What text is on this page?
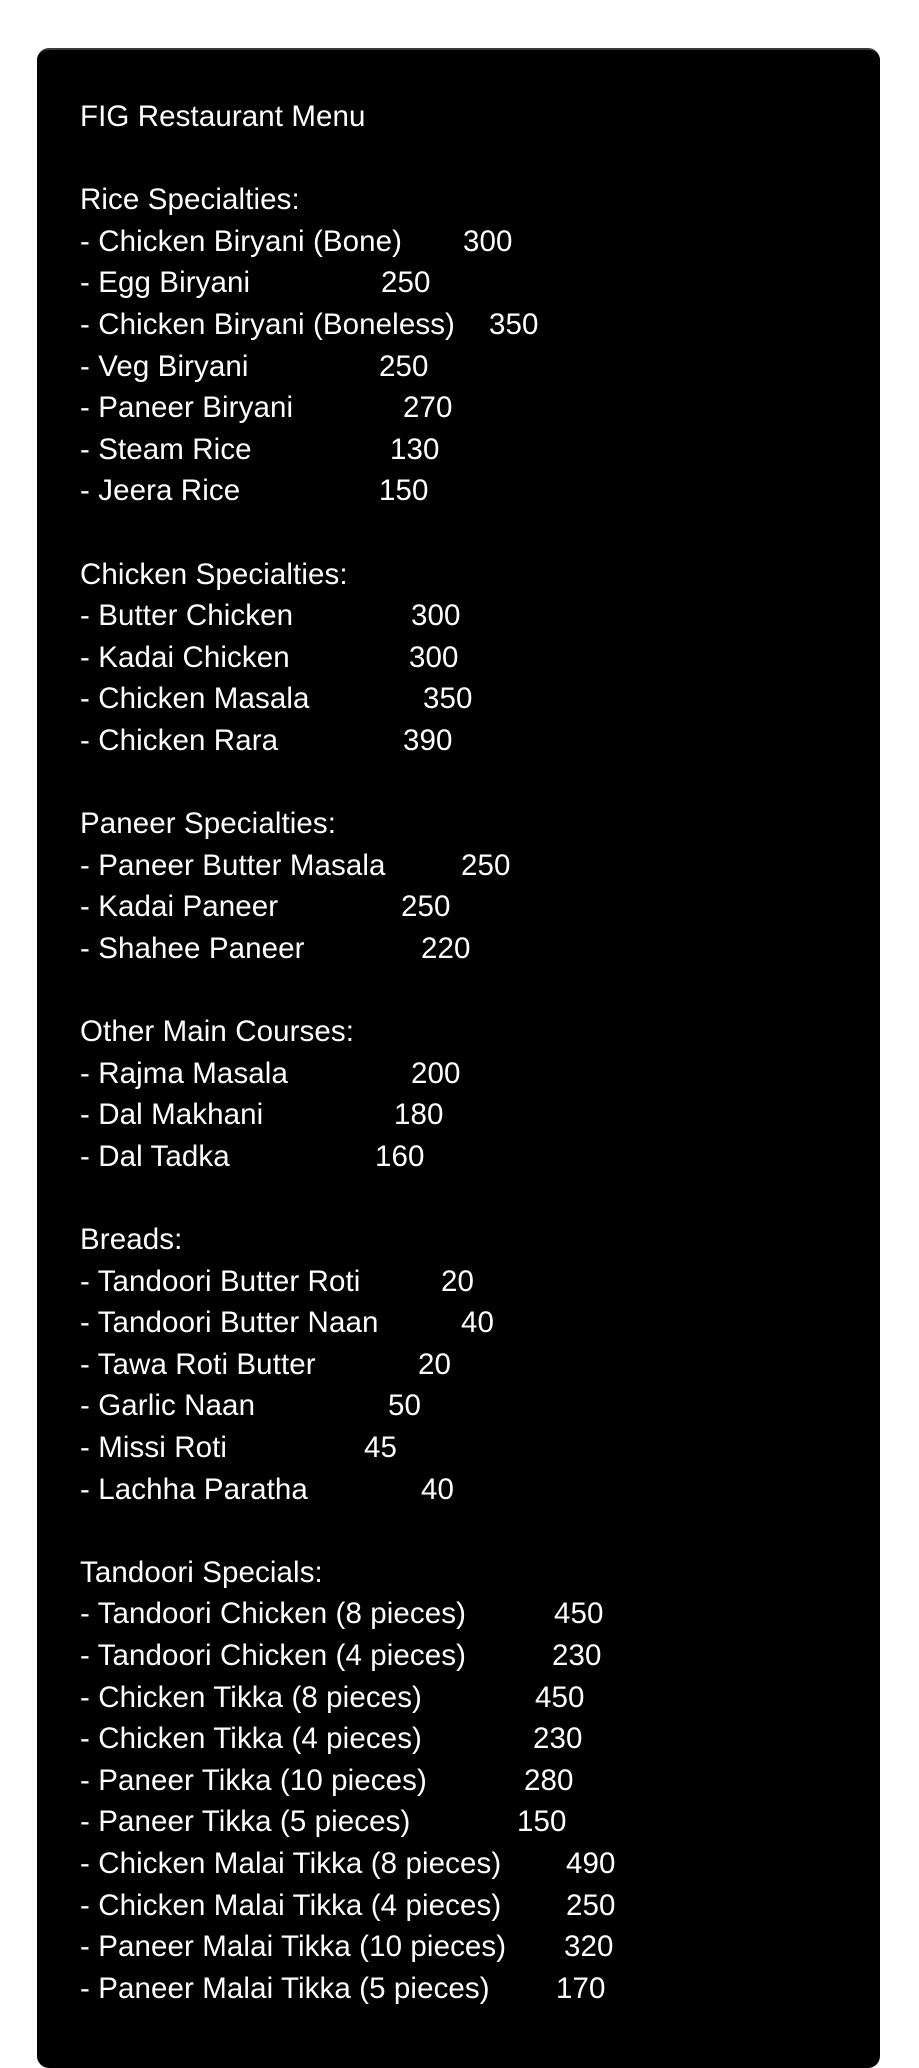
FIG Restaurant Menu
Rice Specialties:
- Chicken Biryani (Bone) 300
- Egg Biryani	250
- Chicken Biryani (Boneless) 350
- Veg Biryani	250
- Paneer Biryani	270
- Steam Rice	130
- Jeera Rice	150
Chicken Specialties:
- Butter Chicken	300
- Kadai Chicken	300
- Chicken Masala	350
- Chicken Rara	390
Paneer Specialties:
- Paneer Butter Masala	250
- Kadai Paneer	250
- Shahee Paneer	220
Other Main Courses:
- Rajma Masala	200
- Dal Makhani	180
- Dal Tadka	160
Breads:
- Tandoori Butter Roti	20
- Tandoori Butter Naan	40
- Tawa Roti Butter	20
- Garlic Naan	50
- Missi Roti	45
- Lachha Paratha	40
Tandoori Specials:
- Tandoori Chicken (8 pieces)	450
- Tandoori Chicken (4 pieces)	230
- Chicken Tikka (8 pieces)	450
- Chicken Tikka (4 pieces)	230
- Paneer Tikka (10 pieces)	280
- Paneer Tikka (5 pieces)	150
- Chicken Malai Tikka (8 pieces) 490
- Chicken Malai Tikka (4 pieces) 250
- Paneer Malai Tikka (10 pieces) 320
- Paneer Malai Tikka (5 pieces) 170
